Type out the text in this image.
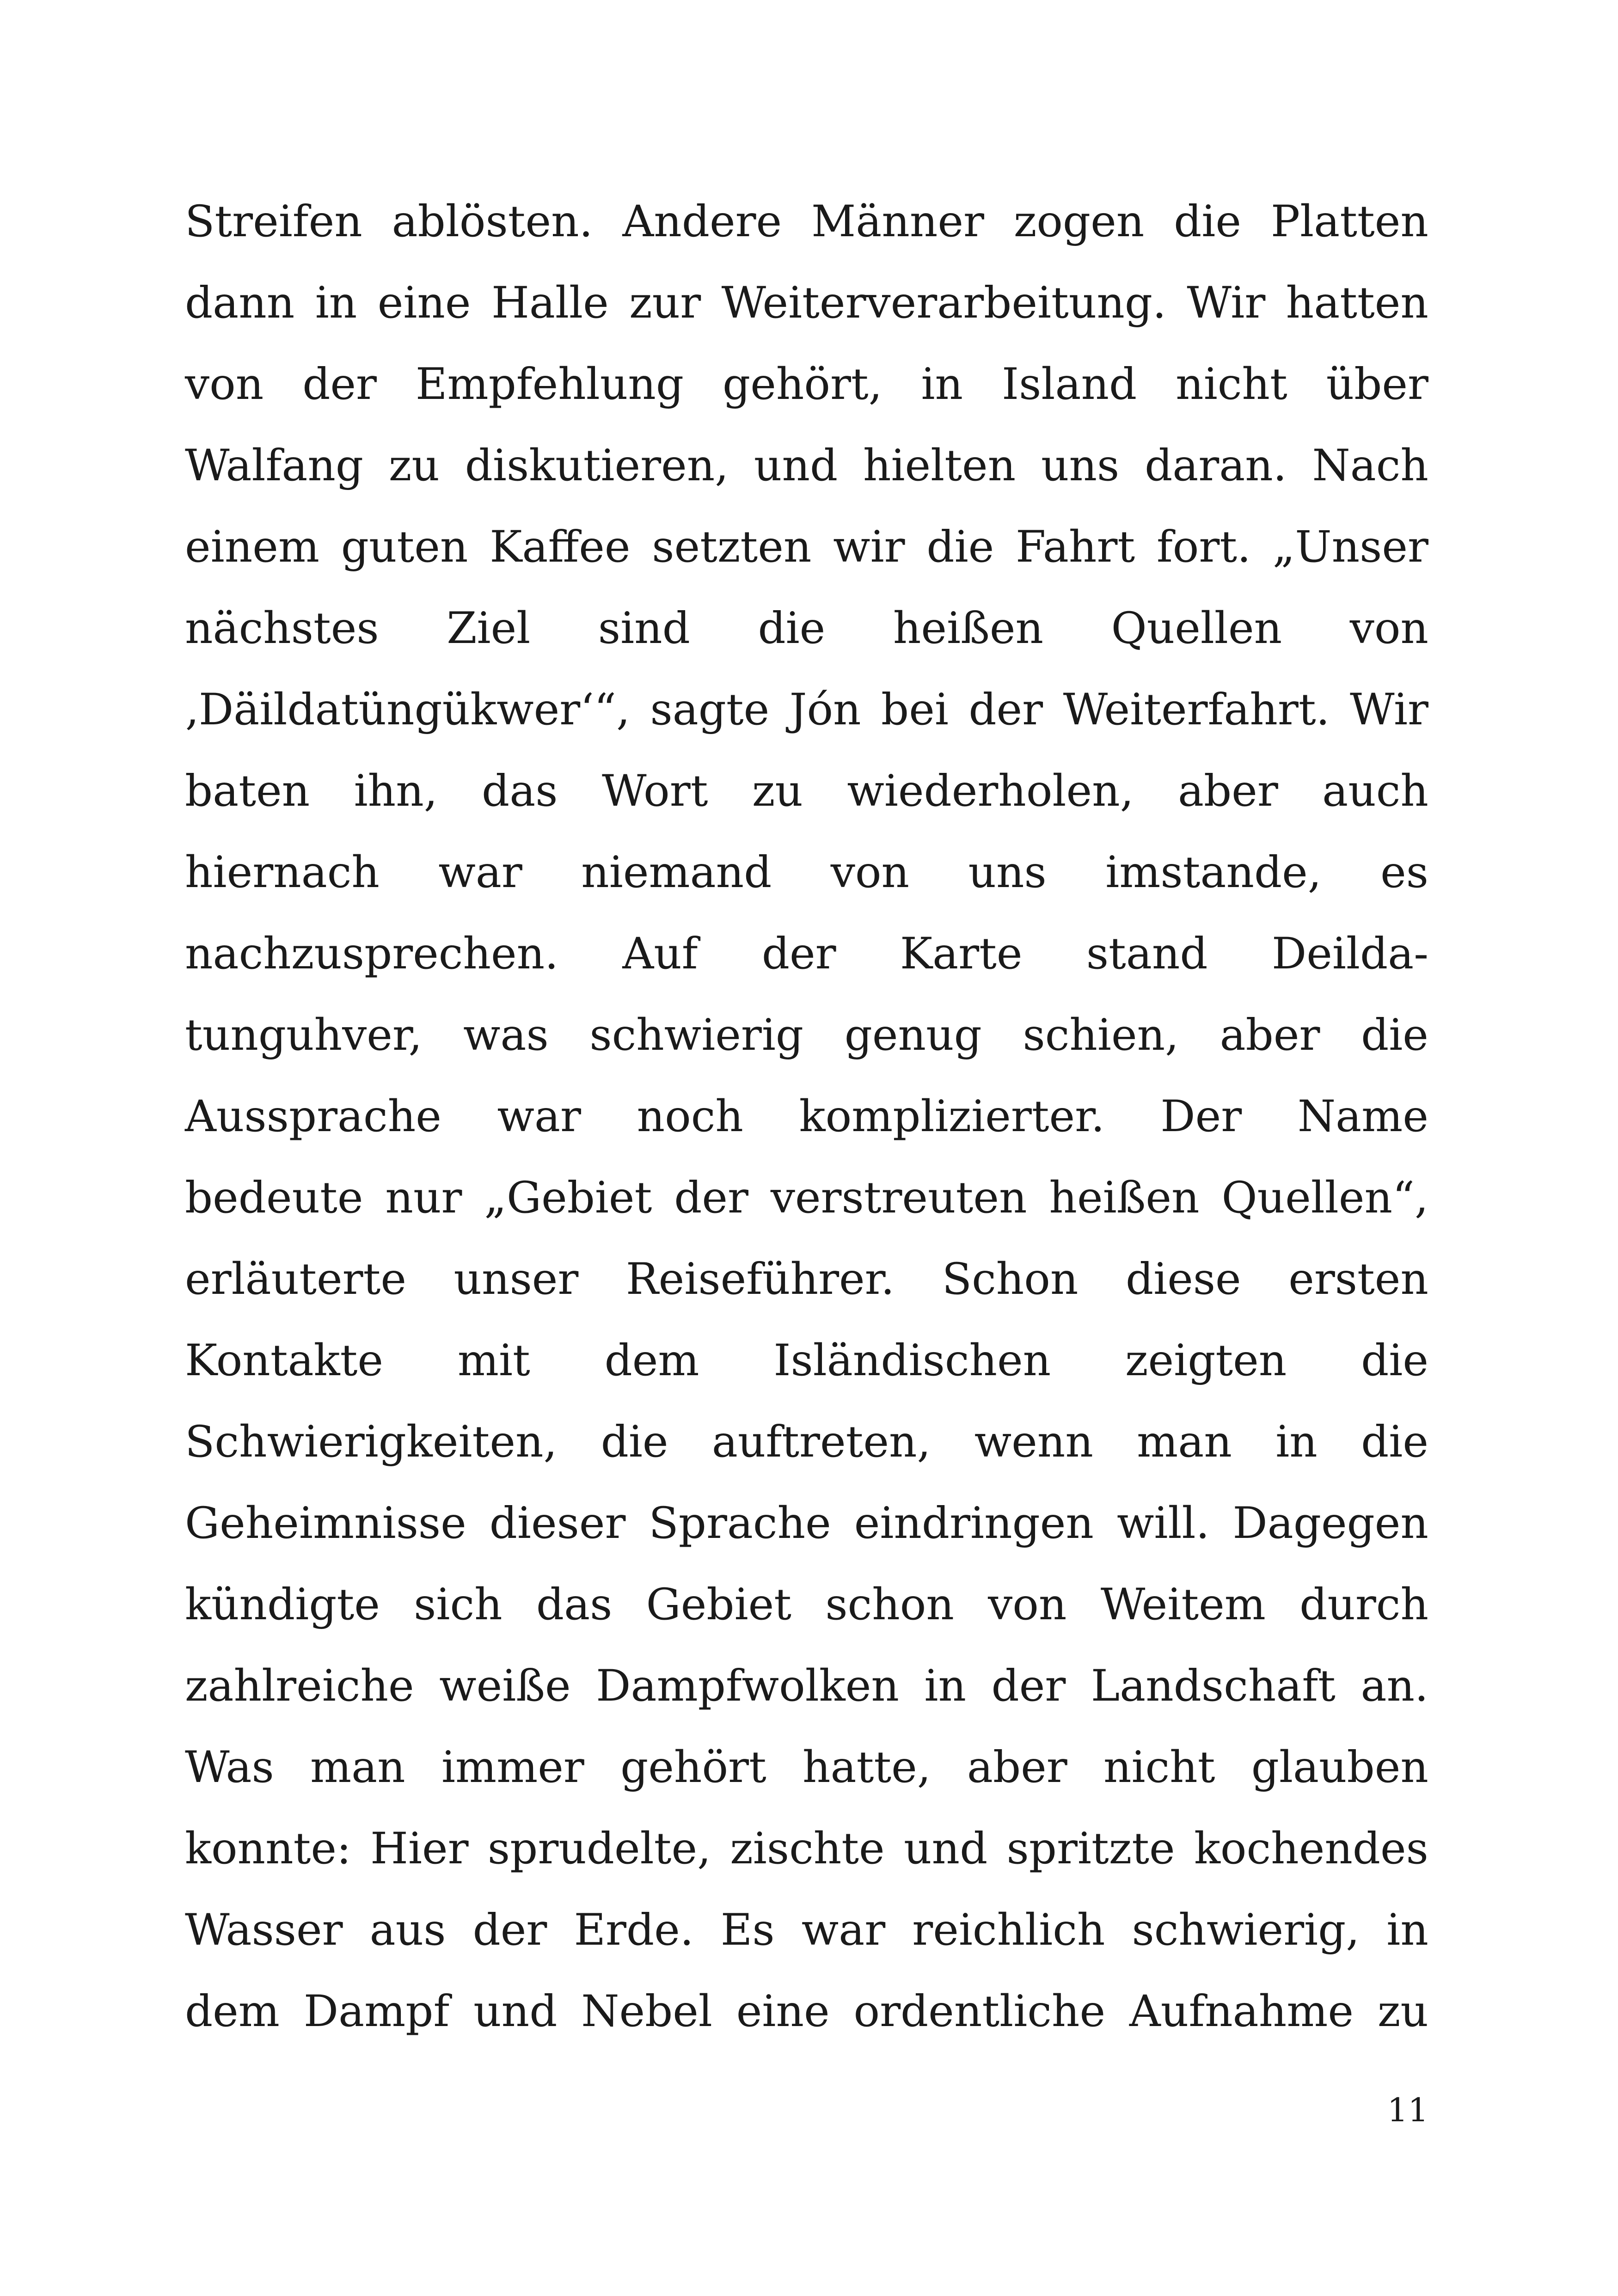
Streifen ablösten. Andere Männer zogen die Platten
dann in eine Halle zur Weiterverarbeitung. Wir hatten
von der Empfehlung gehört, in Island nicht über
Walfang zu diskutieren, und hielten uns daran. Nach
einem guten Kaffee setzten wir die Fahrt fort. „Unser
nächstes Ziel sind die heißen Quellen von
‚Däildatüngükwer‘“, sagte Jón bei der Weiterfahrt. Wir
baten ihn, das Wort zu wiederholen, aber auch
hiernach war niemand von uns imstande, es
nachzusprechen. Auf der Karte stand Deilda-
tunguhver, was schwierig genug schien, aber die
Aussprache war noch komplizierter. Der Name
bedeute nur „Gebiet der verstreuten heißen Quellen“,
erläuterte unser Reiseführer. Schon diese ersten
Kontakte mit dem Isländischen zeigten die
Schwierigkeiten, die auftreten, wenn man in die
Geheimnisse dieser Sprache eindringen will. Dagegen
kündigte sich das Gebiet schon von Weitem durch
zahlreiche weiße Dampfwolken in der Landschaft an.
Was man immer gehört hatte, aber nicht glauben
konnte: Hier sprudelte, zischte und spritzte kochendes
Wasser aus der Erde. Es war reichlich schwierig, in
dem Dampf und Nebel eine ordentliche Aufnahme zu
11
